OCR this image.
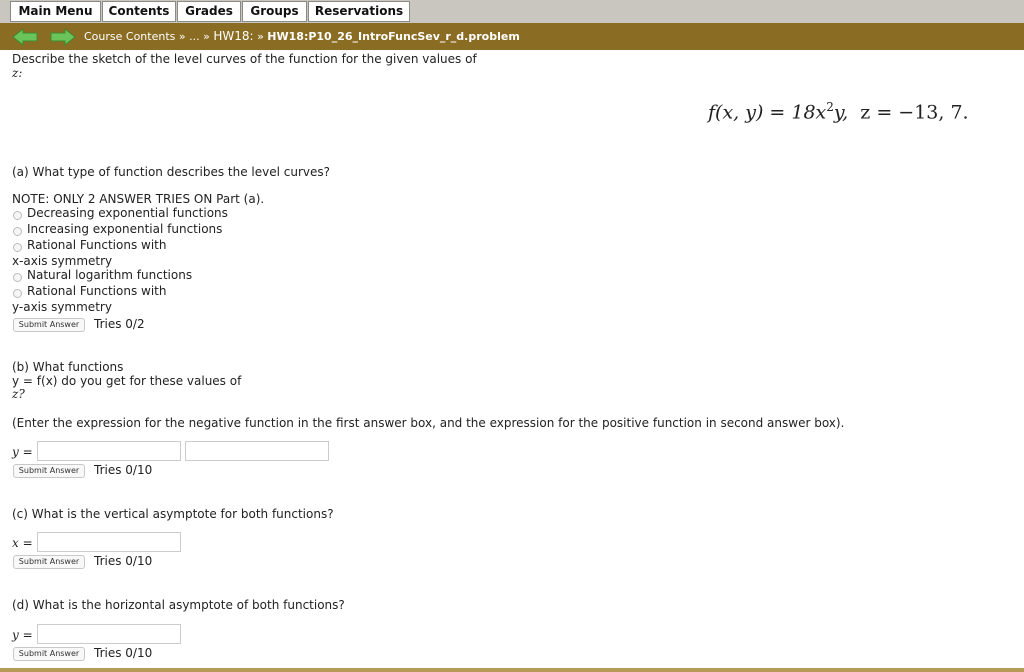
Main Menu	Contents	Grades	Groups	Reservations
Course Contents » ... » HW18: » HW18:P10_26_IntroFuncSev_r_d.problem
Describe the sketch of the level curves of the function for the given values of
z:
f(x, $y) = 18x^2y$, z = −13, 7.
(a) What type of function describes the level curves?
NOTE: ONLY 2 ANSWER TRIES ON Part (a).
Decreasing exponential functions
Increasing exponential functions
Rational Functions with
x-axis symmetry
Natural logarithm functions
Rational Functions with
y-axis symmetry
Submit Answer	Tries 0/2
(b) What functions
y = f(x) do you get for these values of
z?
(Enter the expression for the negative function in the first answer box, and the expression for the positive function in second answer box).
y =
Submit Answer	Tries 0/10
(c) What is the vertical asymptote for both functions?
x =
Submit Answer	Tries 0/10
(d) What is the horizontal asymptote of both functions?
y =
Submit Answer	Tries 0/10
